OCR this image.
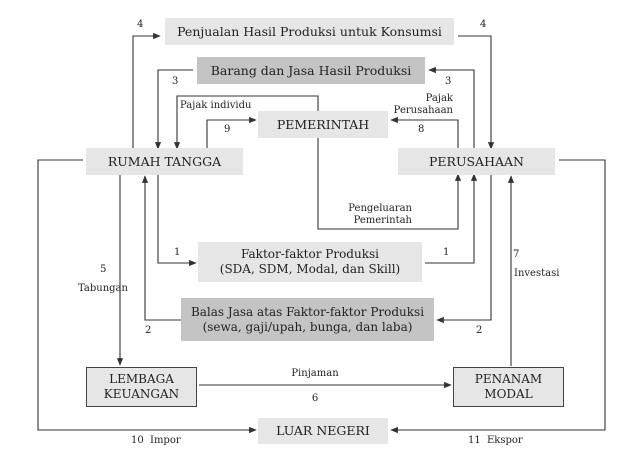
Penjualan Hasil Produksi untuk Konsumsi
Barang dan Jasa Hasil Produksi
PEMERINTAH
RUMAH TANGGA	PERUSAHAAN
Faktor-faktor Produksi
(SDA, SDM, Modal, dan Skill)
Balas Jasa atas Faktor-faktor Produksi
(sewa, gaji/upah, bunga, dan laba)
LEMBAGA
KEUANGAN
PENANAM
MODAL
LUAR NEGERI
Pajak individu
Pajak
Perusahaan
Pengeluaran
Pemerintah
Tabungan
Investasi
Pinjaman
Impor	Ekspor
4	4
3	3
9	8
1	1
5
7
2	2
6
10	11
